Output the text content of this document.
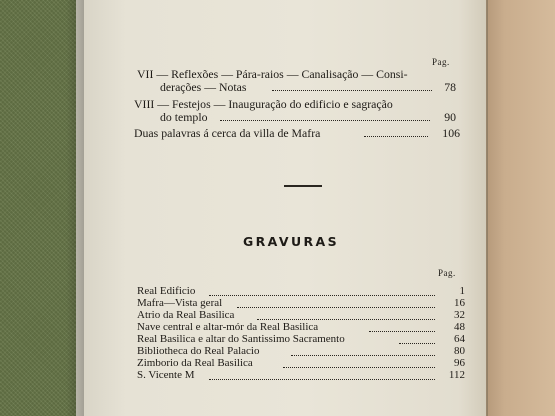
Pag.
VII — Reflexões — Pára-raios — Canalisação — Consi-
derações — Notas	78
VIII — Festejos — Inauguração do edificio e sagração
do templo	90
Duas palavras á cerca da villa de Mafra	106
GRAVURAS
Pag.
Real Edificio	1
Mafra—Vista geral	16
Atrio da Real Basilica	32
Nave central e altar-mór da Real Basilica	48
Real Basilica e altar do Santissimo Sacramento	64
Bibliotheca do Real Palacio	80
Zimborio da Real Basilica	96
S. Vicente M	112
